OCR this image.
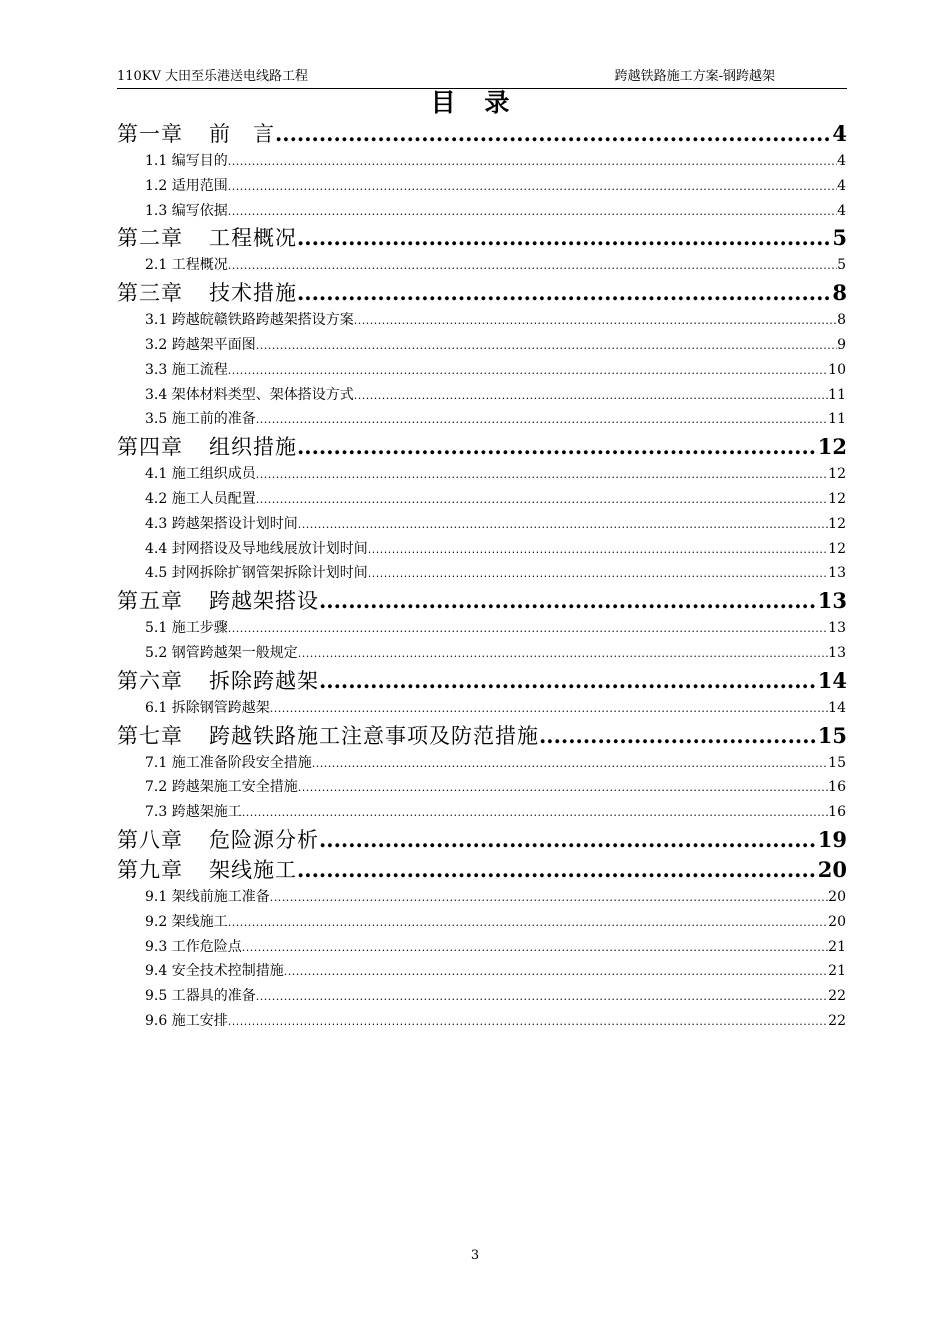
110KV 大田至乐港送电线路工程	跨越铁路施工方案-钢跨越架
目 录
第一章 前　言 .....	4
1.1 编写目的 .....	4
1.2 适用范围 .....	4
1.3 编写依据 .....	4
第二章 工程概况 .....	5
2.1 工程概况 .....	5
第三章 技术措施 .....	8
3.1 跨越皖赣铁路跨越架搭设方案 .....	8
3.2 跨越架平面图 .....	9
3.3 施工流程 .....	10
3.4 架体材料类型、架体搭设方式 .....	11
3.5 施工前的准备 .....	11
第四章 组织措施 .....	12
4.1 施工组织成员 .....	12
4.2 施工人员配置 .....	12
4.3 跨越架搭设计划时间 .....	12
4.4 封网搭设及导地线展放计划时间 .....	12
4.5 封网拆除扩钢管架拆除计划时间 .....	13
第五章 跨越架搭设 .....	13
5.1 施工步骤 .....	13
5.2 钢管跨越架一般规定 .....	13
第六章 拆除跨越架 .....	14
6.1 拆除钢管跨越架 .....	14
第七章 跨越铁路施工注意事项及防范措施 .....	15
7.1 施工准备阶段安全措施 .....	15
7.2 跨越架施工安全措施 .....	16
7.3 跨越架施工 .....	16
第八章 危险源分析 .....	19
第九章 架线施工 .....	20
9.1 架线前施工准备 .....	20
9.2 架线施工 .....	20
9.3 工作危险点 .....	21
9.4 安全技术控制措施 .....	21
9.5 工器具的准备 .....	22
9.6 施工安排 .....	22
3
